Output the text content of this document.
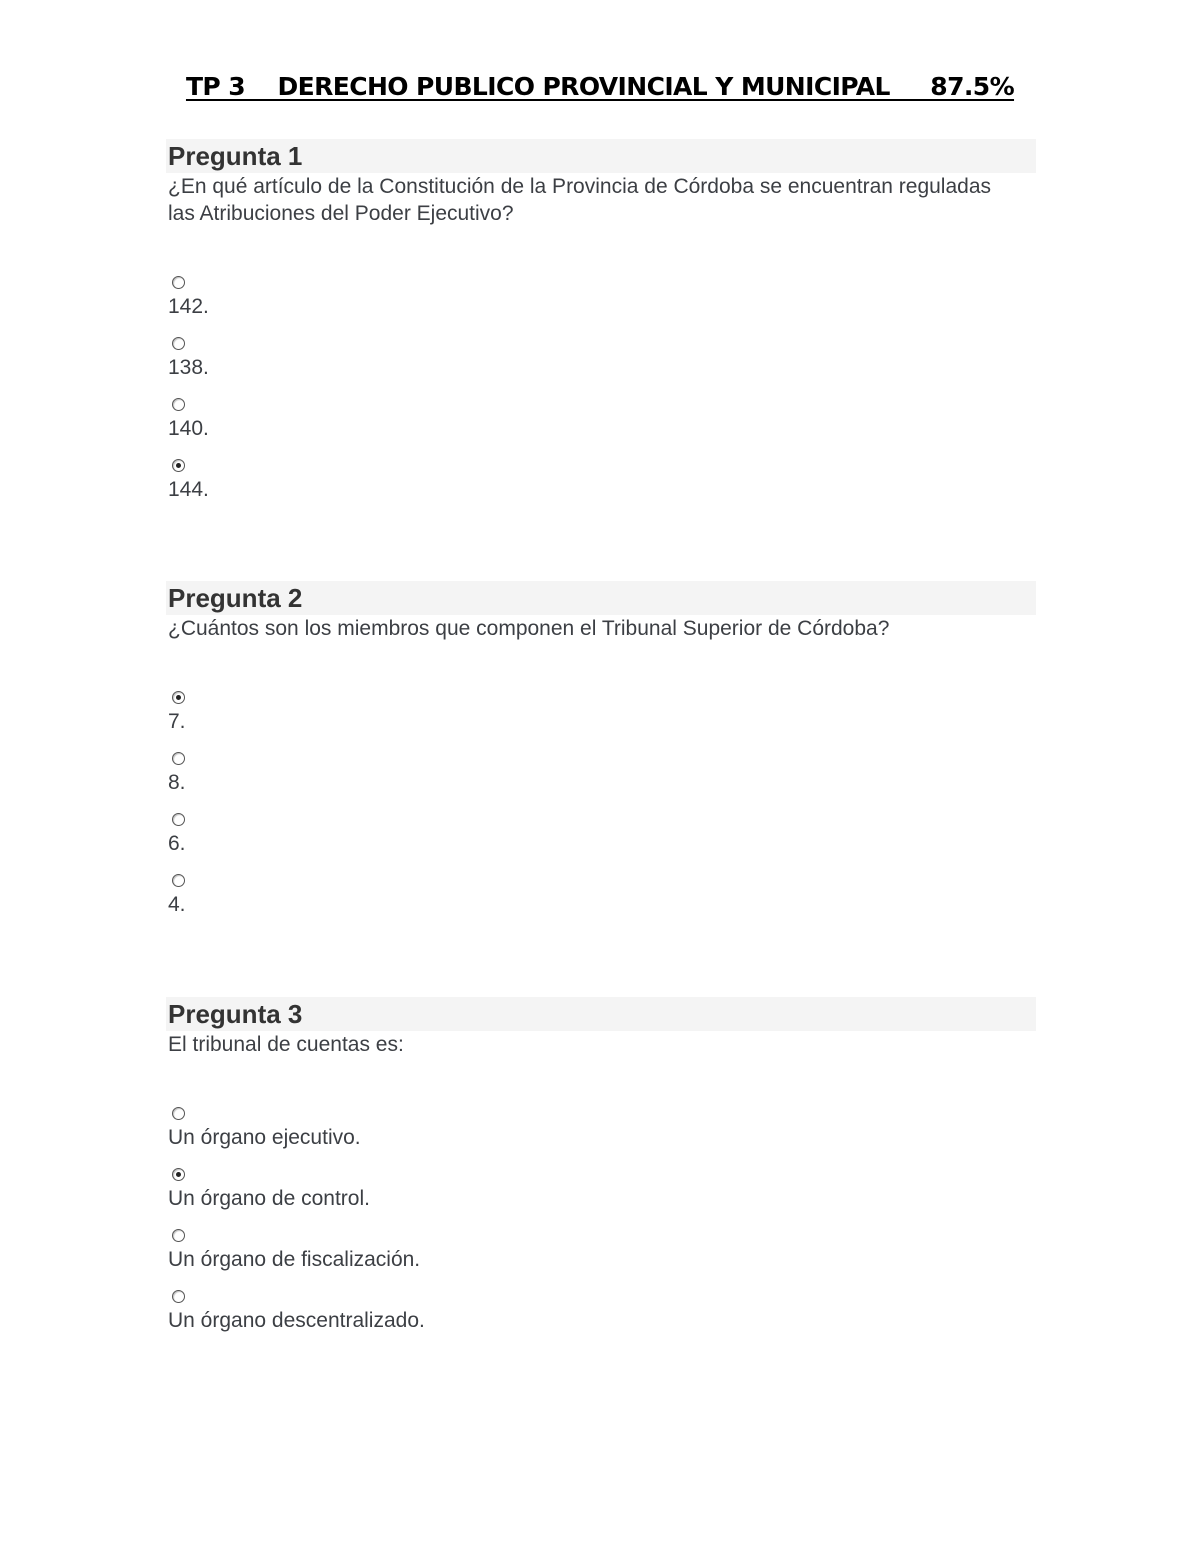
TP 3    DERECHO PUBLICO PROVINCIAL Y MUNICIPAL     87.5%
Pregunta 1
¿En qué artículo de la Constitución de la Provincia de Córdoba se encuentran reguladas las Atribuciones del Poder Ejecutivo?
142.
138.
140.
144.
Pregunta 2
¿Cuántos son los miembros que componen el Tribunal Superior de Córdoba?
7.
8.
6.
4.
Pregunta 3
El tribunal de cuentas es:
Un órgano ejecutivo.
Un órgano de control.
Un órgano de fiscalización.
Un órgano descentralizado.
